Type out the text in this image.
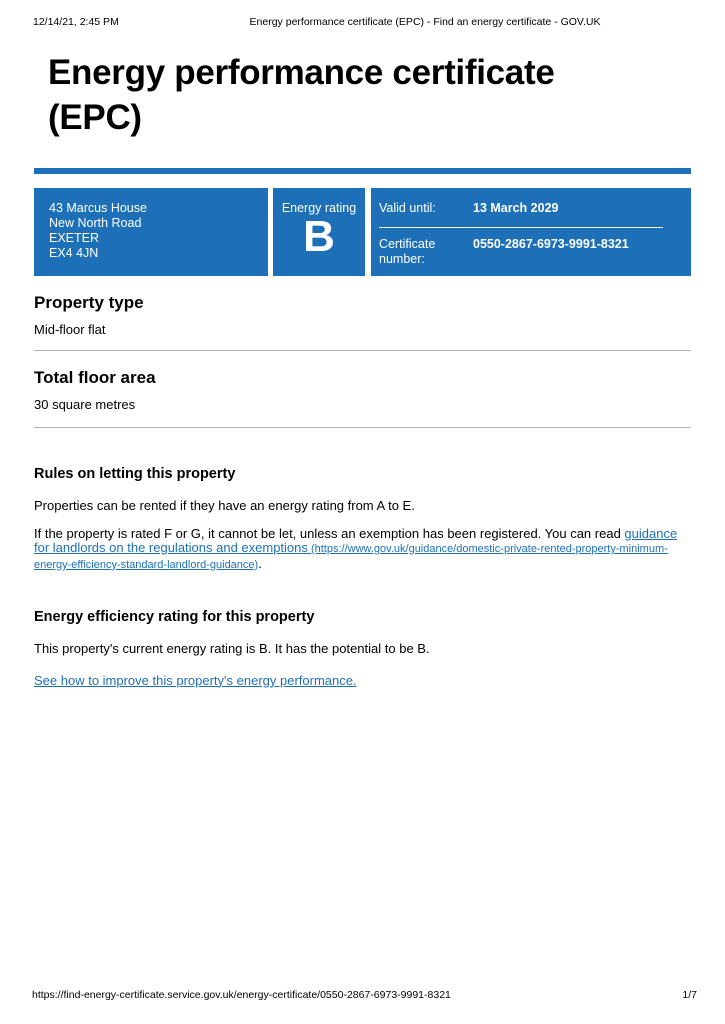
12/14/21, 2:45 PM	Energy performance certificate (EPC) - Find an energy certificate - GOV.UK
Energy performance certificate (EPC)
43 Marcus House
New North Road
EXETER
EX4 4JN
Energy rating
B
Valid until:	13 March 2029
Certificate number:
0550-2867-6973-9991-8321
Property type
Mid-floor flat
Total floor area
30 square metres
Rules on letting this property

Properties can be rented if they have an energy rating from A to E.

If the property is rated F or G, it cannot be let, unless an exemption has been registered. You can read guidance for landlords on the regulations and exemptions (https://www.gov.uk/guidance/domestic-private-rented-property-minimum-energy-efficiency-standard-landlord-guidance).

Energy efficiency rating for this property

This property's current energy rating is B. It has the potential to be B.

See how to improve this property's energy performance.

https://find-energy-certificate.service.gov.uk/energy-certificate/0550-2867-6973-9991-8321	1/7
